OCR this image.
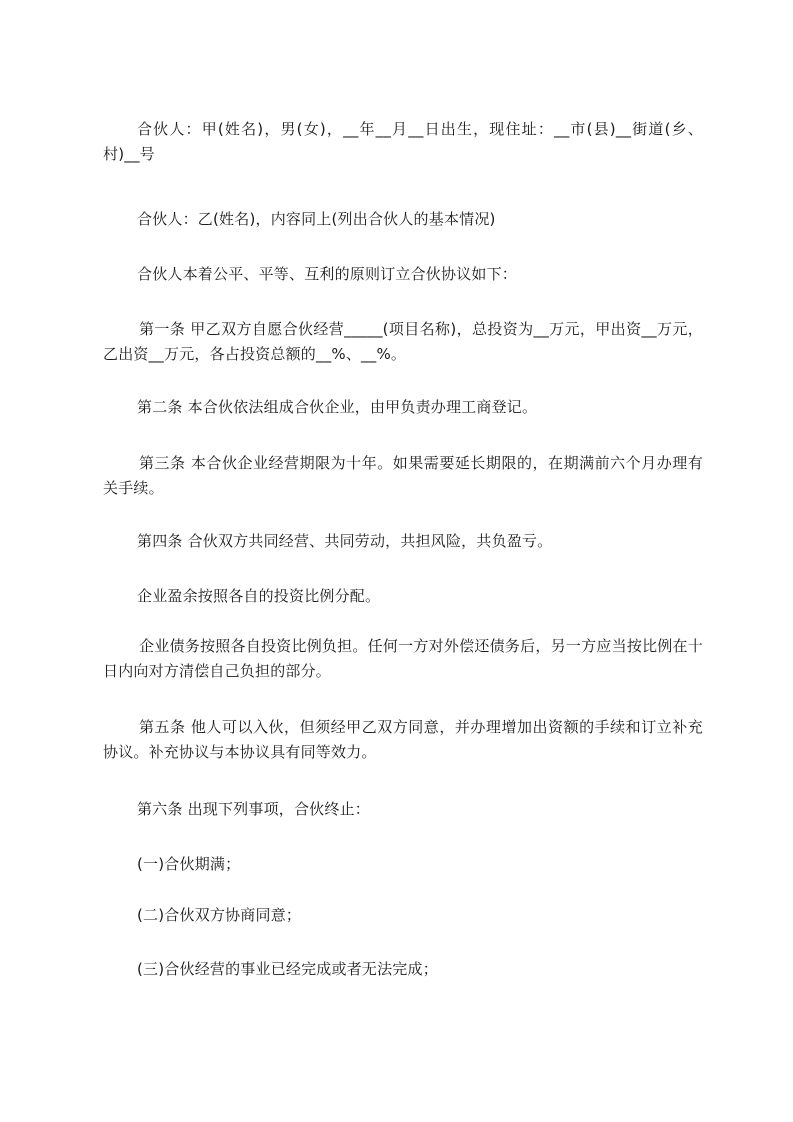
合伙人：甲(姓名)，男(女)，__年__月__日出生，现住址：__市(县)__街道(乡、村)__号

合伙人：乙(姓名)，内容同上(列出合伙人的基本情况)

合伙人本着公平、平等、互利的原则订立合伙协议如下：

第一条 甲乙双方自愿合伙经营_____(项目名称)，总投资为__万元，甲出资__万元，乙出资__万元，各占投资总额的__%、__%。

第二条 本合伙依法组成合伙企业，由甲负责办理工商登记。

第三条 本合伙企业经营期限为十年。如果需要延长期限的，在期满前六个月办理有关手续。

第四条 合伙双方共同经营、共同劳动，共担风险，共负盈亏。

企业盈余按照各自的投资比例分配。

企业债务按照各自投资比例负担。任何一方对外偿还债务后，另一方应当按比例在十日内向对方清偿自己负担的部分。

第五条 他人可以入伙，但须经甲乙双方同意，并办理增加出资额的手续和订立补充协议。补充协议与本协议具有同等效力。

第六条 出现下列事项，合伙终止：

(一)合伙期满；

(二)合伙双方协商同意；

(三)合伙经营的事业已经完成或者无法完成；
